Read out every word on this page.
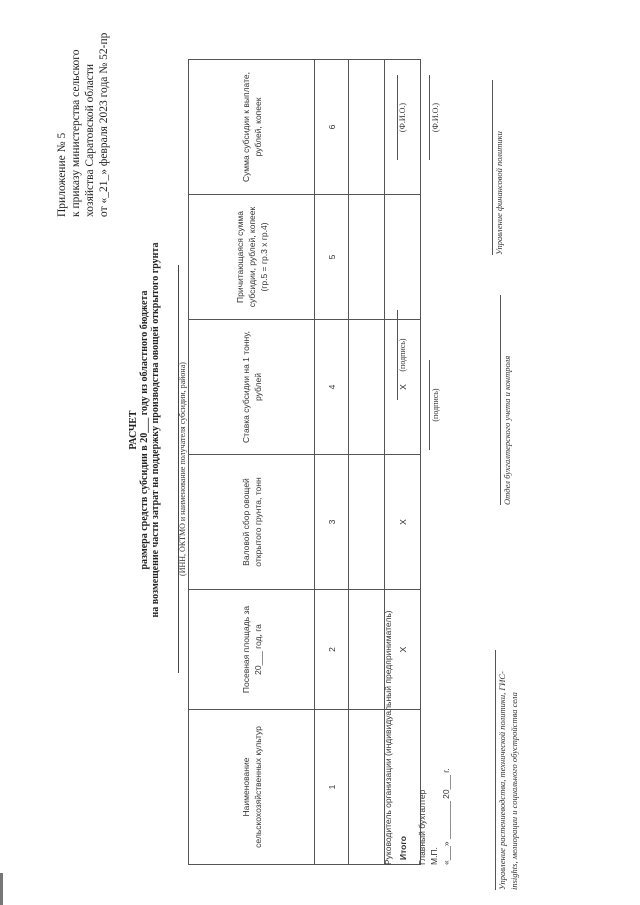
Приложение № 5 к приказу министерства сельского хозяйства Саратовской области от «_21_» февраля 2023 года № 52-пр
РАСЧЕТ размера средств субсидии в 20___ году из областного бюджета на возмещение части затрат на поддержку производства овощей открытого грунта (ИНН, ОКТМО и наименование получателя субсидии, района)
Наименование сельскохозяйственных культур	Посевная площадь за 20___ год, га	Валовой сбор овощей открытого грунта, тонн	Ставка субсидии на 1 тонну, рублей	Причитающаяся сумма субсидии, рублей, копеек (гр.5 = гр.3 х гр.4)	Сумма субсидии к выплате, рублей, копеек
1	2	3	4	5	6

Итого	X	X	X		
Руководитель организации (индивидуальный предприниматель)
(подпись)
(Ф.И.О.)
Главный бухгалтер
(подпись)
(Ф.И.О.)
М.П. «___» ________ 20___ г.	Управление растениеводства, технической политики, ГИС- insights, мелиорации и социального обустройства села
Отдел бухгалтерского учета и контроля
Управление финансовой политики
